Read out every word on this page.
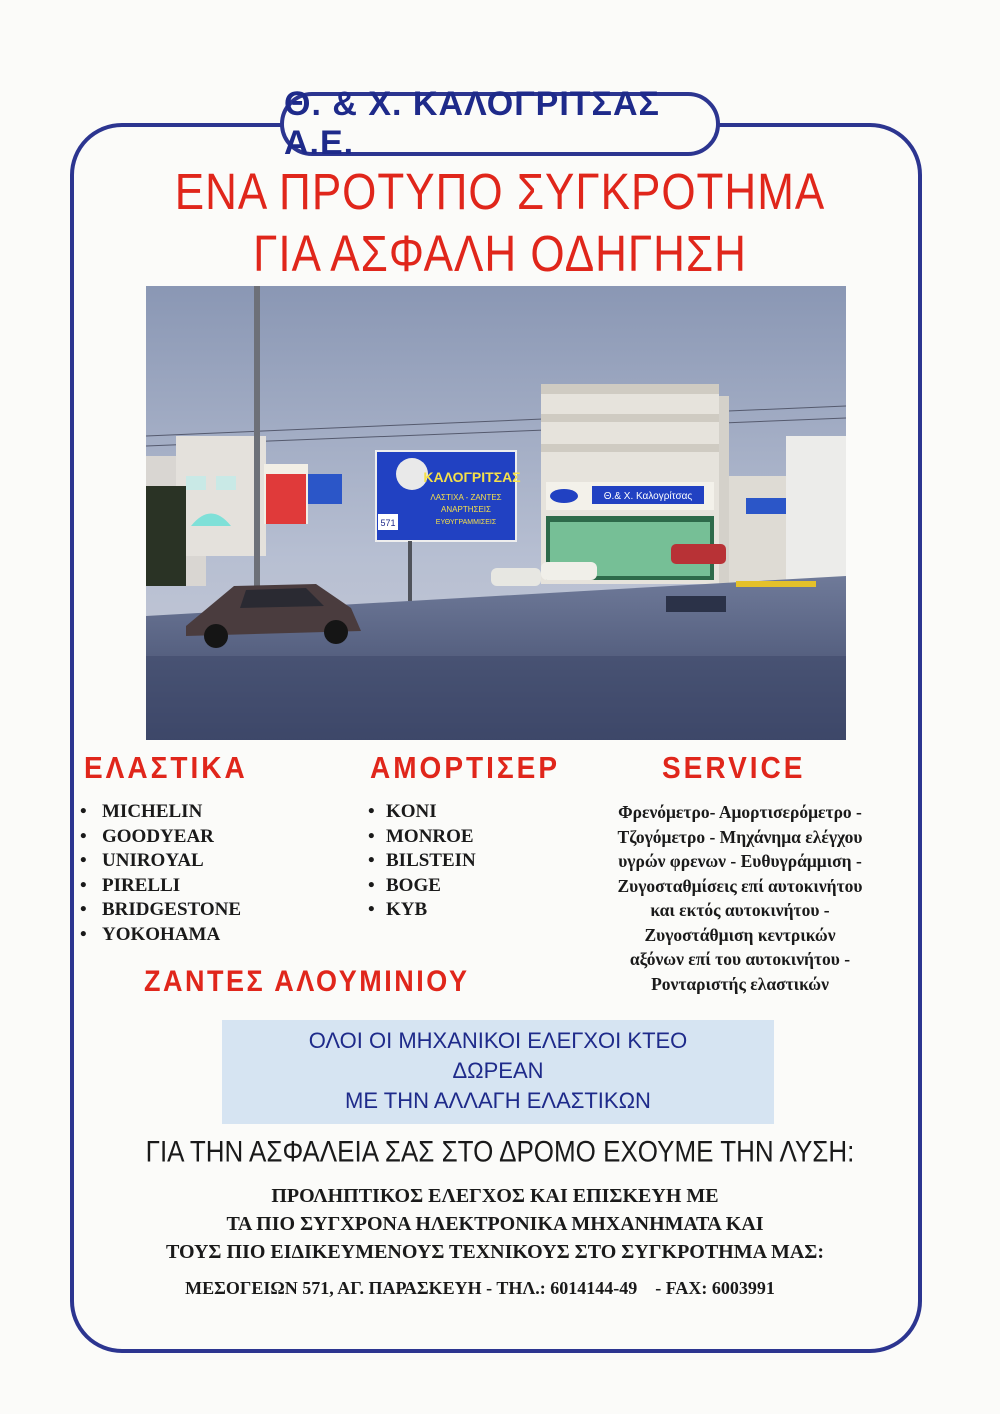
Θ. & Χ. ΚΑΛΟΓΡΙΤΣΑΣ Α.Ε.
ΕΝΑ ΠΡΟΤΥΠΟ ΣΥΓΚΡΟΤΗΜΑ
ΓΙΑ ΑΣΦΑΛΗ ΟΔΗΓΗΣΗ
ΚΑΛΟΓΡΙΤΣΑΣ
ΛΑΣΤΙΧΑ - ΖΑΝΤΕΣ
ΑΝΑΡΤΗΣΕΙΣ
ΕΥΘΥΓΡΑΜΜΙΣΕΙΣ
571
Θ.& Χ. Καλογρίτσας
ΕΛΑΣΤΙΚΑ	ΑΜΟΡΤΙΣΕΡ	SERVICE
• MICHELIN
• GOODYEAR
• UNIROYAL
• PIRELLI
• BRIDGESTONE
• YOKOHAMA
• KONI
• MONROE
• BILSTEIN
• BOGE
• KYB
Φρενόμετρο- Αμορτισερόμετρο -
Τζογόμετρο - Μηχάνημα ελέγχου
υγρών φρενων - Ευθυγράμμιση -
Ζυγοσταθμίσεις επί αυτοκινήτου
και εκτός αυτοκινήτου -
Ζυγοστάθμιση κεντρικών
αξόνων επί του αυτοκινήτου -
Ρονταριστής ελαστικών
ΖΑΝΤΕΣ ΑΛΟΥΜΙΝΙΟΥ
ΟΛΟΙ ΟΙ ΜΗΧΑΝΙΚΟΙ ΕΛΕΓΧΟΙ ΚΤΕΟ
ΔΩΡΕΑΝ
ΜΕ ΤΗΝ ΑΛΛΑΓΗ ΕΛΑΣΤΙΚΩΝ
ΓΙΑ ΤΗΝ ΑΣΦΑΛΕΙΑ ΣΑΣ ΣΤΟ ΔΡΟΜΟ ΕΧΟΥΜΕ ΤΗΝ ΛΥΣΗ:
ΠΡΟΛΗΠΤΙΚΟΣ ΕΛΕΓΧΟΣ ΚΑΙ ΕΠΙΣΚΕΥΗ ΜΕ
ΤΑ ΠΙΟ ΣΥΓΧΡΟΝΑ ΗΛΕΚΤΡΟΝΙΚΑ ΜΗΧΑΝΗΜΑΤΑ ΚΑΙ
ΤΟΥΣ ΠΙΟ ΕΙΔΙΚΕΥΜΕΝΟΥΣ ΤΕΧΝΙΚΟΥΣ ΣΤΟ ΣΥΓΚΡΟΤΗΜΑ ΜΑΣ:
ΜΕΣΟΓΕΙΩΝ 571, ΑΓ. ΠΑΡΑΣΚΕΥΗ - ΤΗΛ.: 6014144-49    - FAX: 6003991
